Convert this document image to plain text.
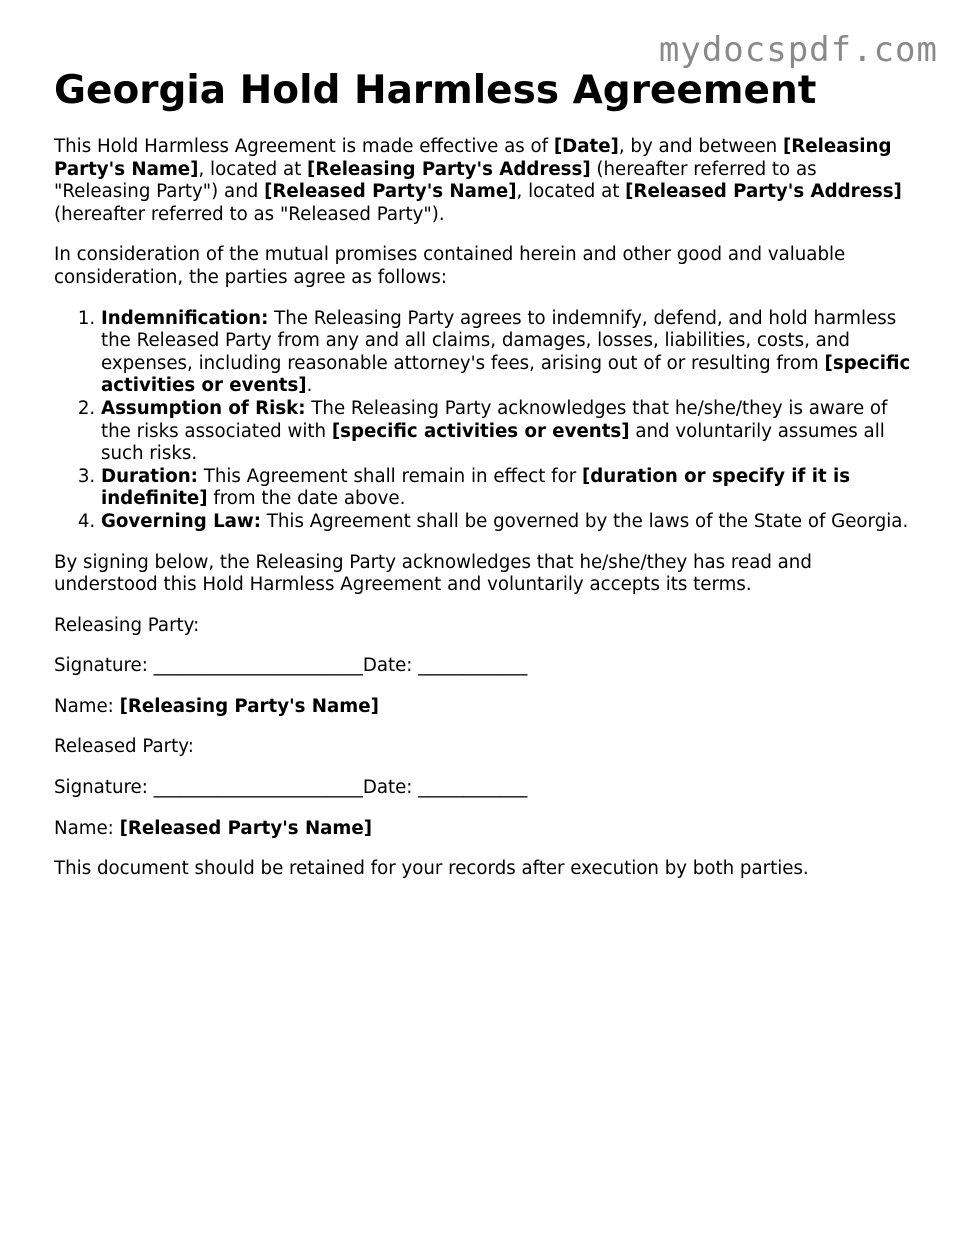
mydocspdf.com
Georgia Hold Harmless Agreement

This Hold Harmless Agreement is made effective as of [Date], by and between [Releasing Party's Name], located at [Releasing Party's Address] (hereafter referred to as "Releasing Party") and [Released Party's Name], located at [Released Party's Address] (hereafter referred to as "Released Party").

In consideration of the mutual promises contained herein and other good and valuable consideration, the parties agree as follows:

1. Indemnification: The Releasing Party agrees to indemnify, defend, and hold harmless the Released Party from any and all claims, damages, losses, liabilities, costs, and expenses, including reasonable attorney's fees, arising out of or resulting from [specific activities or events].
2. Assumption of Risk: The Releasing Party acknowledges that he/she/they is aware of the risks associated with [specific activities or events] and voluntarily assumes all such risks.
3. Duration: This Agreement shall remain in effect for [duration or specify if it is indefinite] from the date above.
4. Governing Law: This Agreement shall be governed by the laws of the State of Georgia.

By signing below, the Releasing Party acknowledges that he/she/they has read and understood this Hold Harmless Agreement and voluntarily accepts its terms.

Releasing Party:

Signature: _______________________Date: ____________

Name: [Releasing Party's Name]

Released Party:

Signature: _______________________Date: ____________

Name: [Released Party's Name]

This document should be retained for your records after execution by both parties.
